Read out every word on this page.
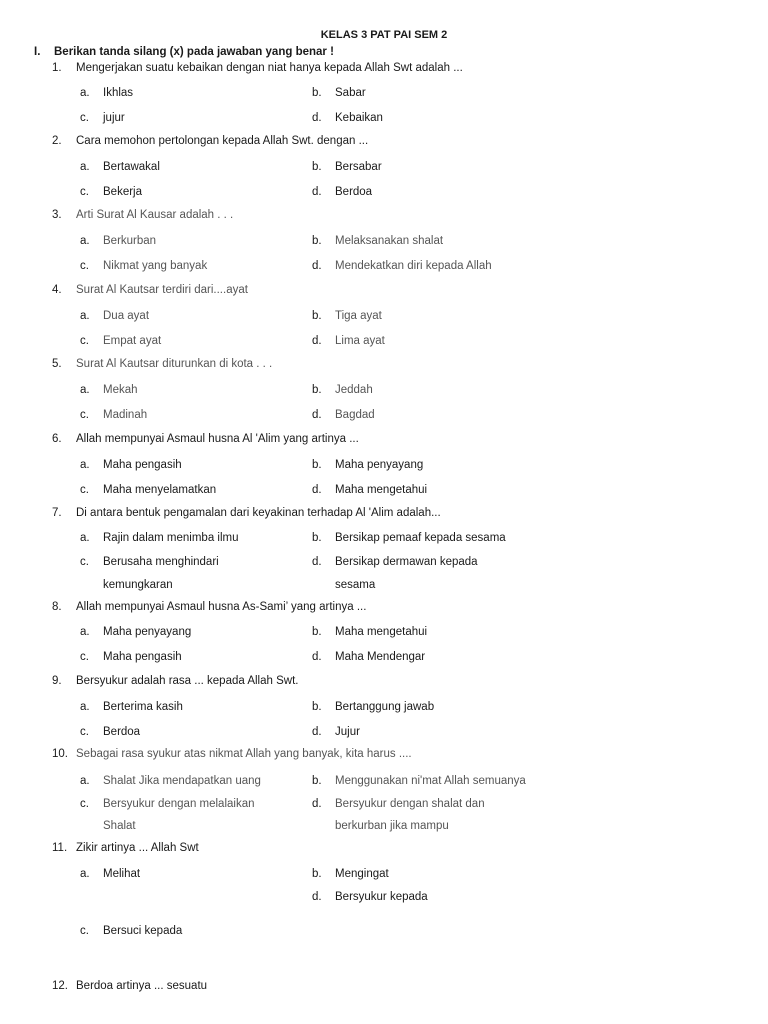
KELAS 3 PAT PAI SEM 2
I. Berikan tanda silang (x) pada jawaban yang benar !
1. Mengerjakan suatu kebaikan dengan niat hanya kepada Allah Swt adalah ...
a. Ikhlas	b. Sabar
c. jujur	d. Kebaikan
2. Cara memohon pertolongan kepada Allah Swt. dengan ...
a. Bertawakal	b. Bersabar
c. Bekerja	d. Berdoa
3. Arti Surat Al Kausar adalah . . .
a. Berkurban	b. Melaksanakan shalat
c. Nikmat yang banyak	d. Mendekatkan diri kepada Allah
4. Surat Al Kautsar terdiri dari....ayat
a. Dua ayat	b. Tiga ayat
c. Empat ayat	d. Lima ayat
5. Surat Al Kautsar diturunkan di kota . . .
a. Mekah	b. Jeddah
c. Madinah	d. Bagdad
6. Allah mempunyai Asmaul husna Al 'Alim yang artinya ...
a. Maha pengasih	b. Maha penyayang
c. Maha menyelamatkan	d. Maha mengetahui
7. Di antara bentuk pengamalan dari keyakinan terhadap Al 'Alim adalah...
a. Rajin dalam menimba ilmu	b. Bersikap pemaaf kepada sesama
c. Berusaha menghindari
kemungkaran
d. Bersikap dermawan kepada
sesama
8. Allah mempunyai Asmaul husna As-Sami’ yang artinya ...
a. Maha penyayang	b. Maha mengetahui
c. Maha pengasih	d. Maha Mendengar
9. Bersyukur adalah rasa ... kepada Allah Swt.
a. Berterima kasih	b. Bertanggung jawab
c. Berdoa	d. Jujur
10. Sebagai rasa syukur atas nikmat Allah yang banyak, kita harus ....
a. Shalat Jika mendapatkan uang	b. Menggunakan ni'mat Allah semuanya
c. Bersyukur dengan melalaikan
Shalat
d. Bersyukur dengan shalat dan
berkurban jika mampu
11. Zikir artinya ... Allah Swt
a. Melihat	b. Mengingat
d. Bersyukur kepada
c. Bersuci kepada
12. Berdoa artinya ... sesuatu
